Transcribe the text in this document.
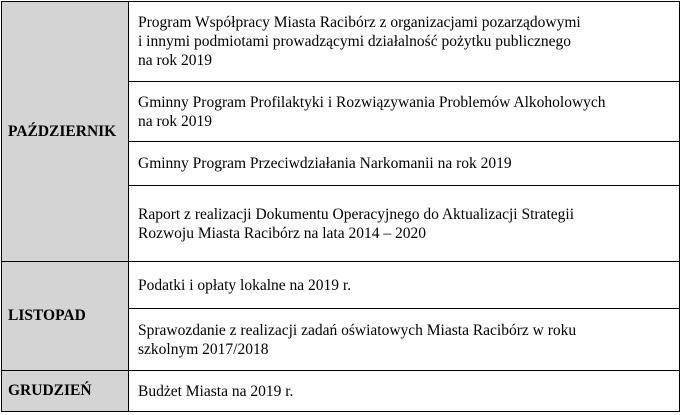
PAŹDZIERNIK	Program Współpracy Miasta Racibórz z organizacjami pozarządowymi
i innymi podmiotami prowadzącymi działalność pożytku publicznego
na rok 2019
	Gminny Program Profilaktyki i Rozwiązywania Problemów Alkoholowych
na rok 2019
	Gminny Program Przeciwdziałania Narkomanii na rok 2019
	Raport z realizacji Dokumentu Operacyjnego do Aktualizacji Strategii
Rozwoju Miasta Racibórz na lata 2014 – 2020
LISTOPAD	Podatki i opłaty lokalne na 2019 r.
	Sprawozdanie z realizacji zadań oświatowych Miasta Racibórz w roku
szkolnym 2017/2018
GRUDZIEŃ	Budżet Miasta na 2019 r.
